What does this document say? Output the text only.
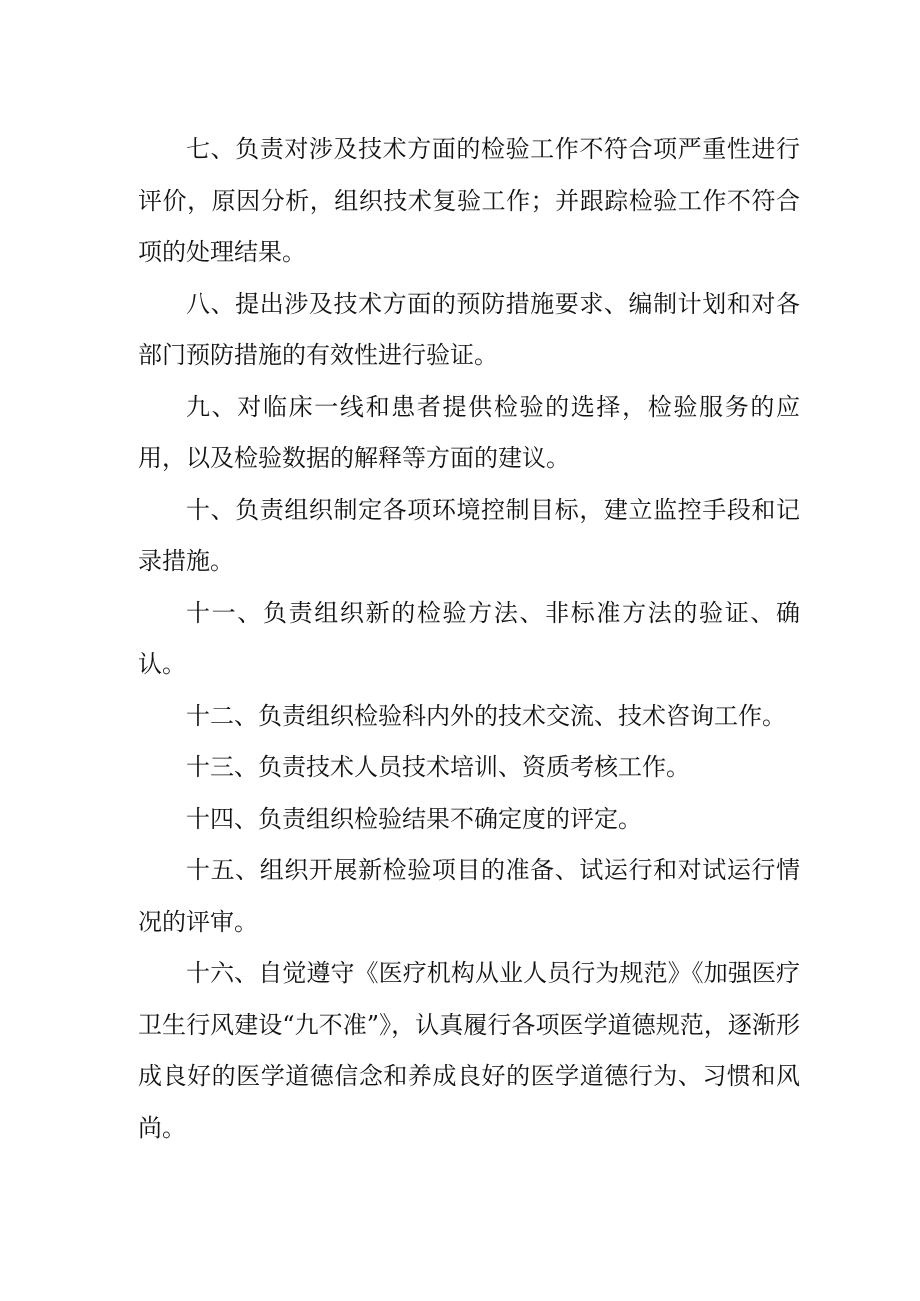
七、负责对涉及技术方面的检验工作不符合项严重性进行评价，原因分析，组织技术复验工作；并跟踪检验工作不符合项的处理结果。

八、提出涉及技术方面的预防措施要求、编制计划和对各部门预防措施的有效性进行验证。

九、对临床一线和患者提供检验的选择，检验服务的应用，以及检验数据的解释等方面的建议。

十、负责组织制定各项环境控制目标，建立监控手段和记录措施。

十一、负责组织新的检验方法、非标准方法的验证、确认。

十二、负责组织检验科内外的技术交流、技术咨询工作。

十三、负责技术人员技术培训、资质考核工作。

十四、负责组织检验结果不确定度的评定。

十五、组织开展新检验项目的准备、试运行和对试运行情况的评审。

十六、自觉遵守《医疗机构从业人员行为规范》《加强医疗卫生行风建设“九不准”》，认真履行各项医学道德规范，逐渐形成良好的医学道德信念和养成良好的医学道德行为、习惯和风尚。
